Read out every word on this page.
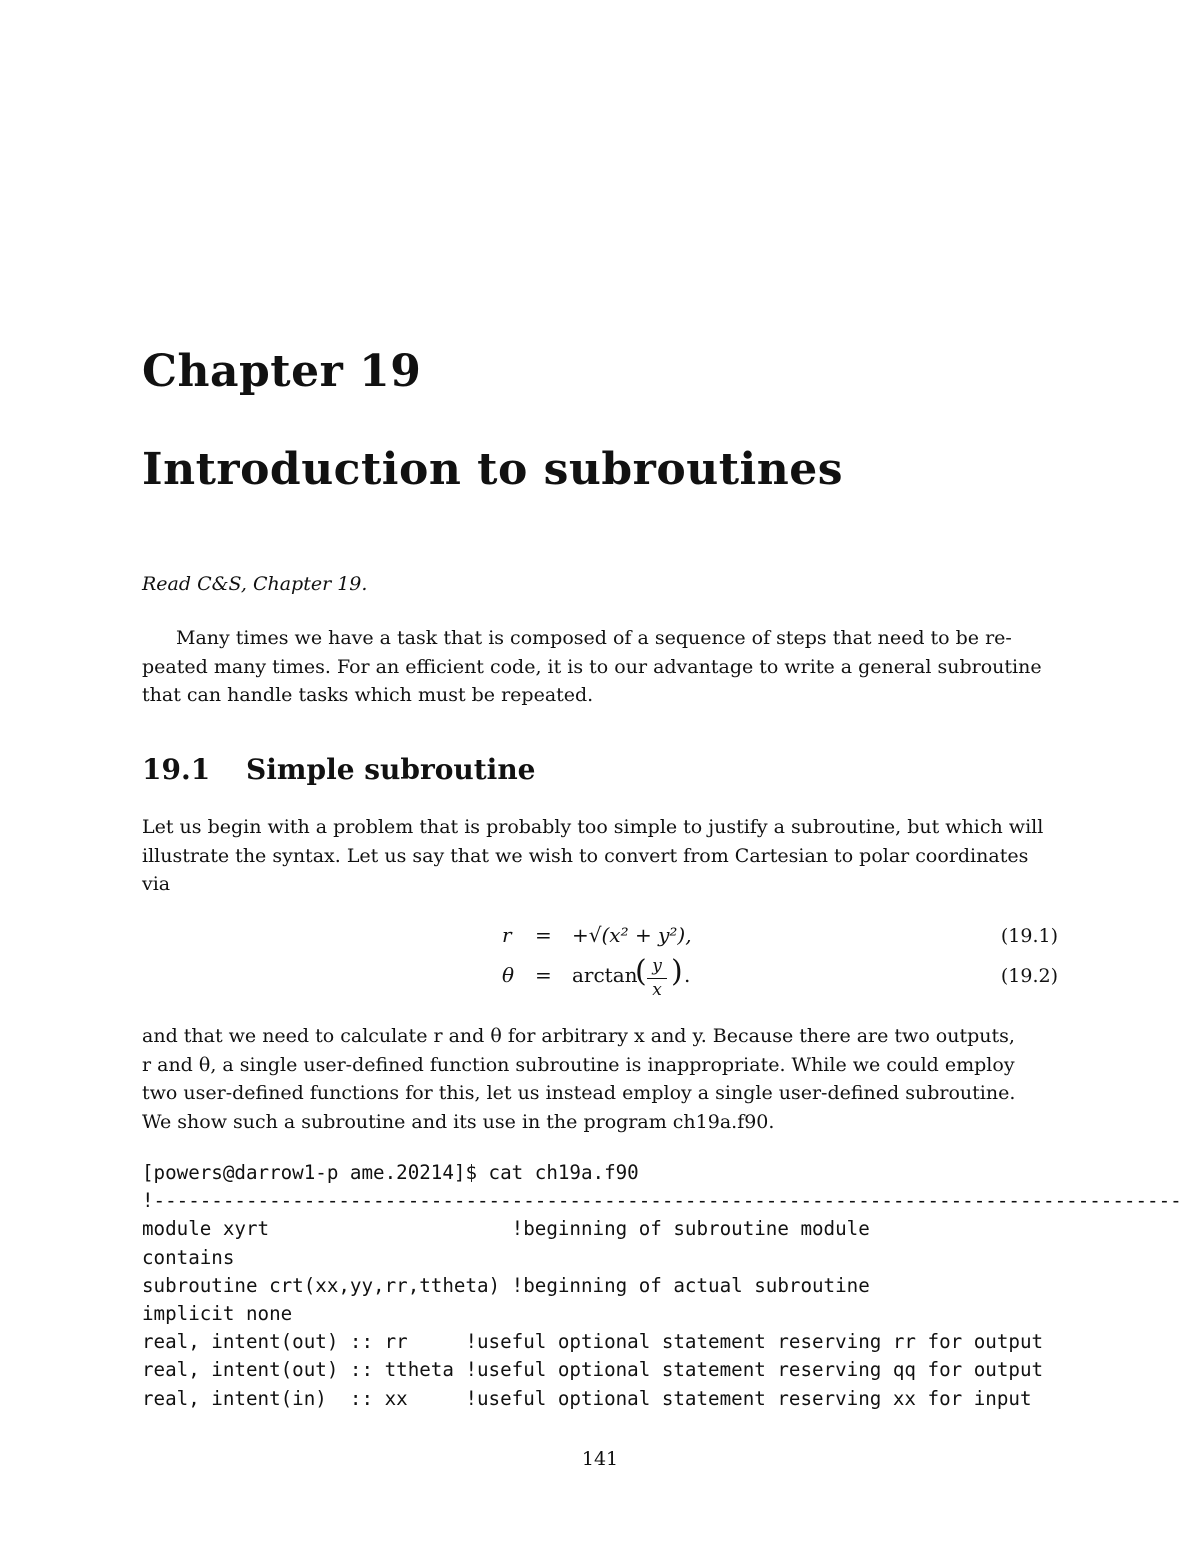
Chapter 19
Introduction to subroutines
Read C&S, Chapter 19.
Many times we have a task that is composed of a sequence of steps that need to be re-
peated many times. For an efficient code, it is to our advantage to write a general subroutine
that can handle tasks which must be repeated.
19.1 Simple subroutine
Let us begin with a problem that is probably too simple to justify a subroutine, but which will
illustrate the syntax. Let us say that we wish to convert from Cartesian to polar coordinates
via
r = +√(x² + y²),	(19.1)
θ = arctan
( y
x
) .	(19.2)
and that we need to calculate r and θ for arbitrary x and y. Because there are two outputs,
r and θ, a single user-defined function subroutine is inappropriate. While we could employ
two user-defined functions for this, let us instead employ a single user-defined subroutine.
We show such a subroutine and its use in the program ch19a.f90.
[powers@darrow1-p ame.20214]$ cat ch19a.f90
!-----------------------------------------------------------------------------------------
module xyrt                     !beginning of subroutine module
contains
subroutine crt(xx,yy,rr,ttheta) !beginning of actual subroutine
implicit none
real, intent(out) :: rr     !useful optional statement reserving rr for output
real, intent(out) :: ttheta !useful optional statement reserving qq for output
real, intent(in)  :: xx     !useful optional statement reserving xx for input
141
